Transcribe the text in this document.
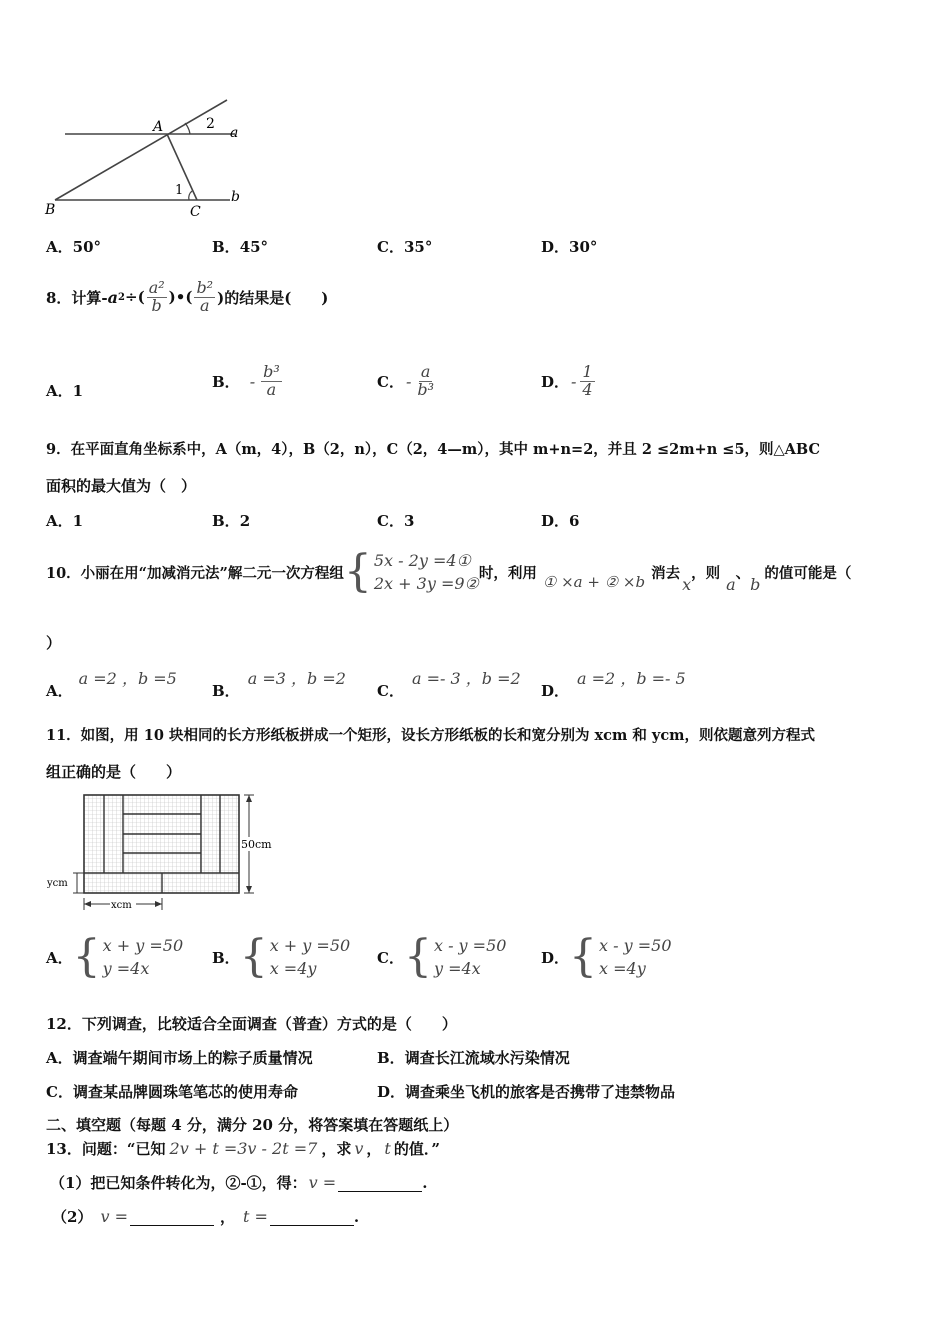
A	2
a
1	b
B	C
A．50°	B．45°	C．35°	D．30°
8．计算- a 2 ÷( $\frac{\text{a²}}{b}$ )•( $\frac{\text{b²}}{a}$ )的结果是(　　)
A．1
B． - $\frac{\text{b³}}{a}$	C． - $\frac{a}{\text{b³}}$	D． - $\frac{1}{4}$
9．在平面直角坐标系中，A（m，4），B（2，n），C（2，4—m），其中 m+n=2，并且 2 ≤2m+n ≤5，则△ABC
面积的最大值为（　）
A．1	B．2	C．3	D．6
10．小丽在用“加减消元法”解二元一次方程组 { 5x - 2y =4①
2x + 3y =9②
时，利用 ① ×a + ② ×b 消去
x
，则
a
、
b
的值可能是（
）
A．a =2 ，b =5
B．a =3 ，b =2
C．a =- 3 ，b =2
D．a =2 ，b =- 5
11．如图，用 10 块相同的长方形纸板拼成一个矩形，设长方形纸板的长和宽分别为 xcm 和 ycm，则依题意列方程式
组正确的是（　　）
50cm
ycm
xcm
A． { x + y =50
y =4x
B． { x + y =50
x =4y
C． { x - y =50
y =4x
D． { x - y =50
x =4y
12．下列调查，比较适合全面调查（普查）方式的是（　　）
A．调查端午期间市场上的粽子质量情况	B．调查长江流域水污染情况
C．调查某品牌圆珠笔笔芯的使用寿命	D．调查乘坐飞机的旅客是否携带了违禁物品
二、填空题（每题 4 分，满分 20 分，将答案填在答题纸上）
13．问题：“已知 2v + t =3v - 2t =7 ，求 v ， t 的值．”
（1）把已知条件转化为，②-①，得： v =	.
（2） v =	， t =	.
